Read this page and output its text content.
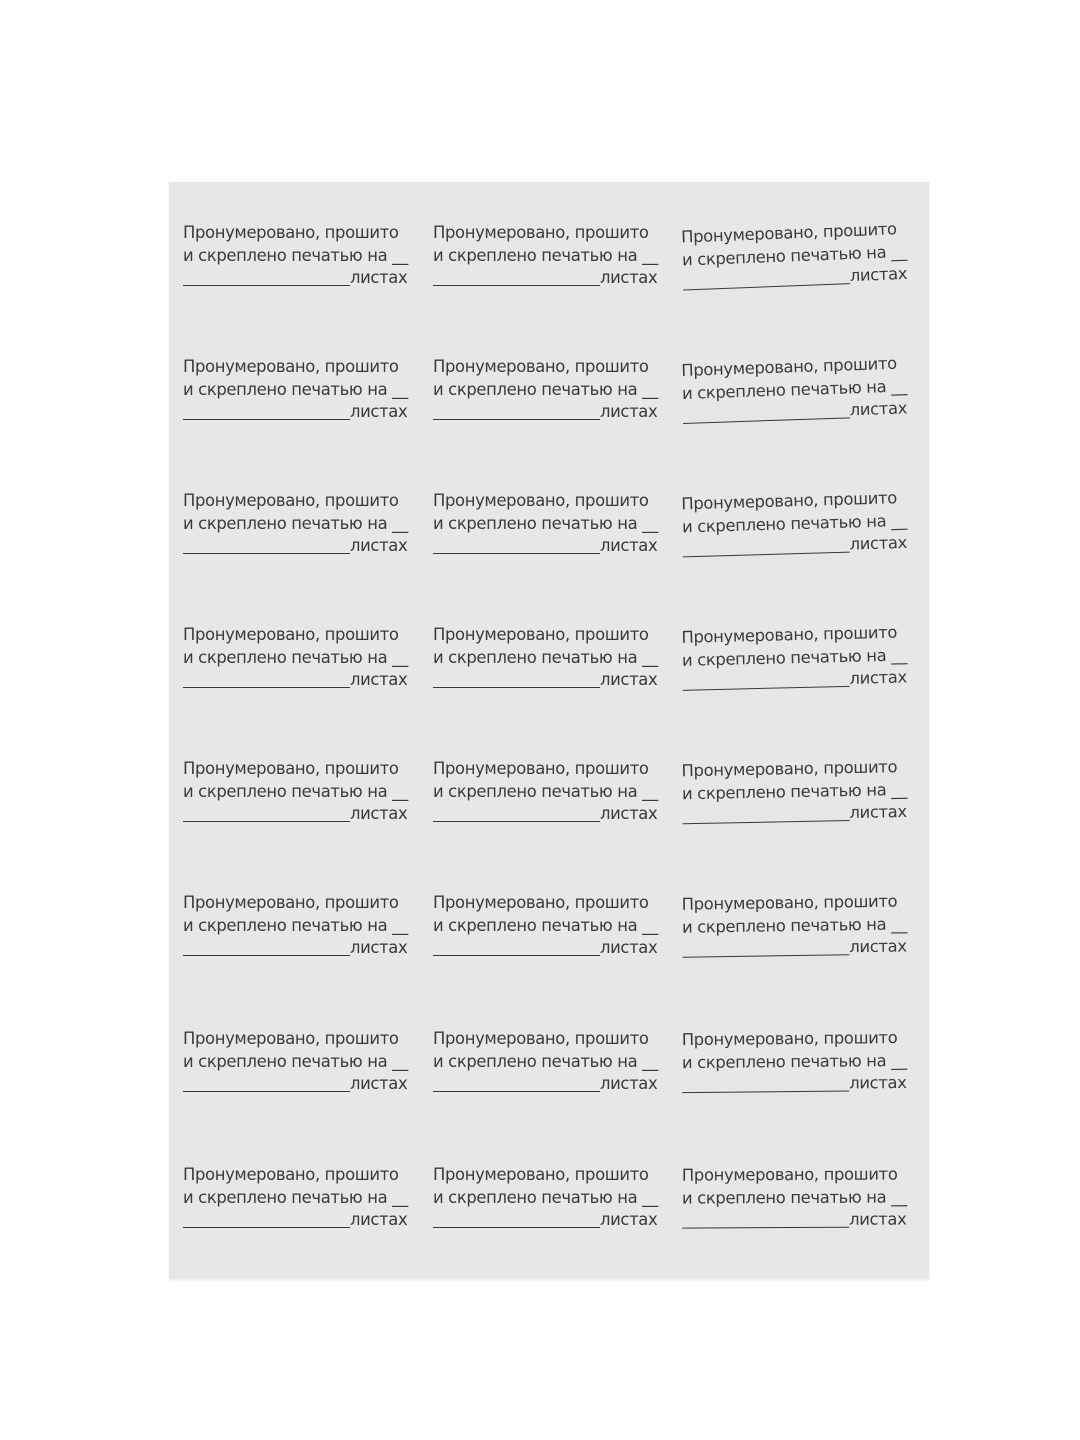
Пронумеровано, прошито
и скреплено печатью на __
листах
Пронумеровано, прошито
и скреплено печатью на __
листах
Пронумеровано, прошито
и скреплено печатью на __
листах
Пронумеровано, прошито
и скреплено печатью на __
листах
Пронумеровано, прошито
и скреплено печатью на __
листах
Пронумеровано, прошито
и скреплено печатью на __
листах
Пронумеровано, прошито
и скреплено печатью на __
листах
Пронумеровано, прошито
и скреплено печатью на __
листах
Пронумеровано, прошито
и скреплено печатью на __
листах
Пронумеровано, прошито
и скреплено печатью на __
листах
Пронумеровано, прошито
и скреплено печатью на __
листах
Пронумеровано, прошито
и скреплено печатью на __
листах
Пронумеровано, прошито
и скреплено печатью на __
листах
Пронумеровано, прошито
и скреплено печатью на __
листах
Пронумеровано, прошито
и скреплено печатью на __
листах
Пронумеровано, прошито
и скреплено печатью на __
листах
Пронумеровано, прошито
и скреплено печатью на __
листах
Пронумеровано, прошито
и скреплено печатью на __
листах
Пронумеровано, прошито
и скреплено печатью на __
листах
Пронумеровано, прошито
и скреплено печатью на __
листах
Пронумеровано, прошито
и скреплено печатью на __
листах
Пронумеровано, прошито
и скреплено печатью на __
листах
Пронумеровано, прошито
и скреплено печатью на __
листах
Пронумеровано, прошито
и скреплено печатью на __
листах
